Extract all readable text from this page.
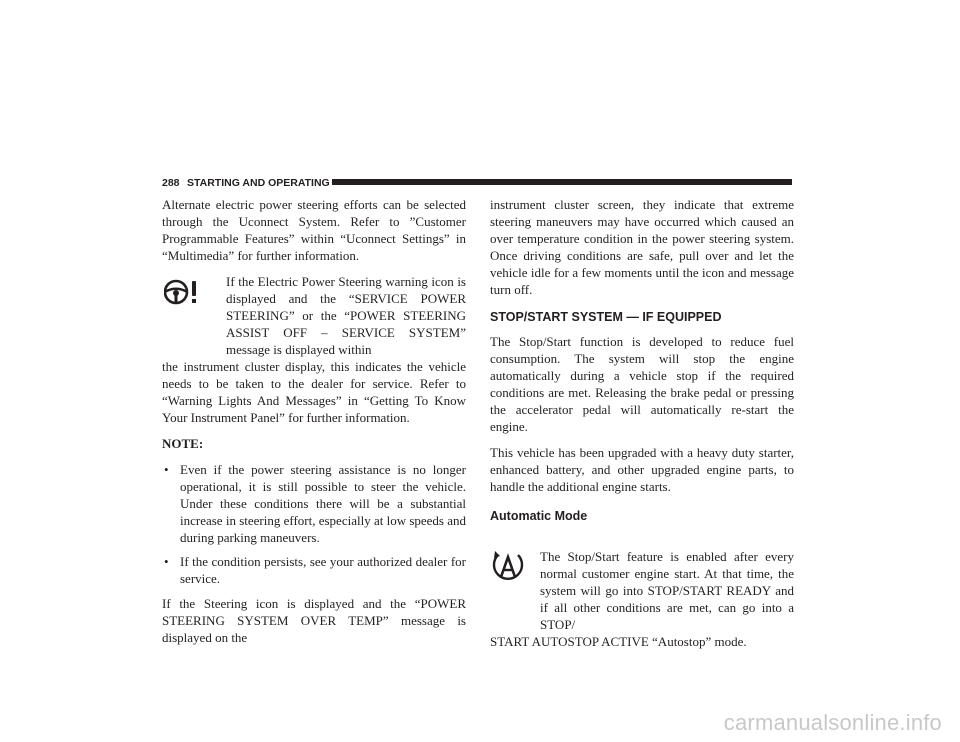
288 STARTING AND OPERATING

Alternate electric power steering efforts can be selected through the Uconnect System. Refer to ”Customer Programmable Features” within “Uconnect Settings” in “Multimedia” for further information.

If the Electric Power Steering warning icon is displayed and the “SERVICE POWER STEERING” or the “POWER STEERING ASSIST OFF – SERVICE SYSTEM” message is displayed within

the instrument cluster display, this indicates the vehicle needs to be taken to the dealer for service. Refer to “Warning Lights And Messages” in “Getting To Know Your Instrument Panel” for further information.

NOTE:

• Even if the power steering assistance is no longer operational, it is still possible to steer the vehicle. Under these conditions there will be a substantial increase in steering effort, especially at low speeds and during parking maneuvers.
• If the condition persists, see your authorized dealer for service.

If the Steering icon is displayed and the “POWER STEERING SYSTEM OVER TEMP” message is displayed on the

instrument cluster screen, they indicate that extreme steering maneuvers may have occurred which caused an over temperature condition in the power steering system. Once driving conditions are safe, pull over and let the vehicle idle for a few moments until the icon and message turn off.

STOP/START SYSTEM — IF EQUIPPED

The Stop/Start function is developed to reduce fuel consumption. The system will stop the engine automatically during a vehicle stop if the required conditions are met. Releasing the brake pedal or pressing the accelerator pedal will automatically re-start the engine.

This vehicle has been upgraded with a heavy duty starter, enhanced battery, and other upgraded engine parts, to handle the additional engine starts.

Automatic Mode

The Stop/Start feature is enabled after every normal customer engine start. At that time, the system will go into STOP/START READY and if all other conditions are met, can go into a STOP/

START AUTOSTOP ACTIVE “Autostop” mode.

carmanualsonline.info
